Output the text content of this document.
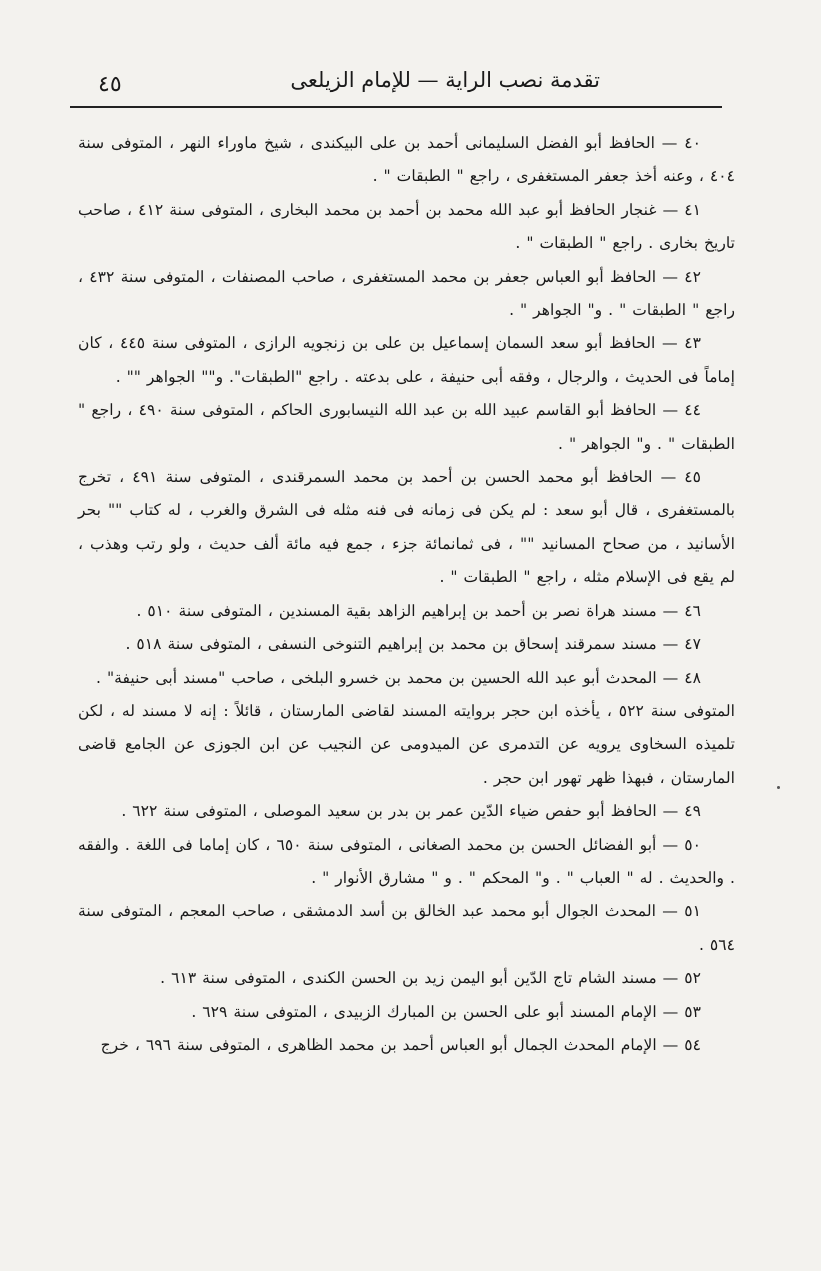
٤٥	تقدمة نصب الراية — للإمام الزيلعى

٤٠ — الحافظ أبو الفضل السليمانى أحمد بن على البيكندى ، شيخ ماوراء النهر ، المتوفى سنة ٤٠٤ ، وعنه أخذ جعفر المستغفرى ، راجع " الطبقات " .

٤١ — غنجار الحافظ أبو عبد الله محمد بن أحمد بن محمد البخارى ، المتوفى سنة ٤١٢ ، صاحب تاريخ بخارى . راجع " الطبقات " .

٤٢ — الحافظ أبو العباس جعفر بن محمد المستغفرى ، صاحب المصنفات ، المتوفى سنة ٤٣٢ ، راجع " الطبقات " . و" الجواهر " .

٤٣ — الحافظ أبو سعد السمان إسماعيل بن على بن زنجويه الرازى ، المتوفى سنة ٤٤٥ ، كان إماماً فى الحديث ، والرجال ، وفقه أبى حنيفة ، على بدعته . راجع "الطبقات". و"" الجواهر "" .

٤٤ — الحافظ أبو القاسم عبيد الله بن عبد الله النيسابورى الحاكم ، المتوفى سنة ٤٩٠ ، راجع " الطبقات " . و" الجواهر " .

٤٥ — الحافظ أبو محمد الحسن بن أحمد بن محمد السمرقندى ، المتوفى سنة ٤٩١ ، تخرج بالمستغفرى ، قال أبو سعد : لم يكن فى زمانه فى فنه مثله فى الشرق والغرب ، له كتاب "" بحر الأسانيد ، من صحاح المسانيد "" ، فى ثمانمائة جزء ، جمع فيه مائة ألف حديث ، ولو رتب وهذب ، لم يقع فى الإسلام مثله ، راجع " الطبقات " .

٤٦ — مسند هراة نصر بن أحمد بن إبراهيم الزاهد بقية المسندين ، المتوفى سنة ٥١٠ .

٤٧ — مسند سمرقند إسحاق بن محمد بن إبراهيم التنوخى النسفى ، المتوفى سنة ٥١٨ .

٤٨ — المحدث أبو عبد الله الحسين بن محمد بن خسرو البلخى ، صاحب "مسند أبى حنيفة" .

المتوفى سنة ٥٢٢ ، يأخذه ابن حجر بروايته المسند لقاضى المارستان ، قائلاً : إنه لا مسند له ، لكن تلميذه السخاوى يرويه عن التدمرى عن الميدومى عن النجيب عن ابن الجوزى عن الجامع قاضى المارستان ، فبهذا ظهر تهور ابن حجر .

٤٩ — الحافظ أبو حفص ضياء الدّين عمر بن بدر بن سعيد الموصلى ، المتوفى سنة ٦٢٢ .

٥٠ — أبو الفضائل الحسن بن محمد الصغانى ، المتوفى سنة ٦٥٠ ، كان إماما فى اللغة . والفقه . والحديث . له " العباب " . و" المحكم " . و " مشارق الأنوار " .

٥١ — المحدث الجوال أبو محمد عبد الخالق بن أسد الدمشقى ، صاحب المعجم ، المتوفى سنة ٥٦٤ .

٥٢ — مسند الشام تاج الدّين أبو اليمن زيد بن الحسن الكندى ، المتوفى سنة ٦١٣ .

٥٣ — الإمام المسند أبو على الحسن بن المبارك الزبيدى ، المتوفى سنة ٦٢٩ .

٥٤ — الإمام المحدث الجمال أبو العباس أحمد بن محمد الظاهرى ، المتوفى سنة ٦٩٦ ، خرج
